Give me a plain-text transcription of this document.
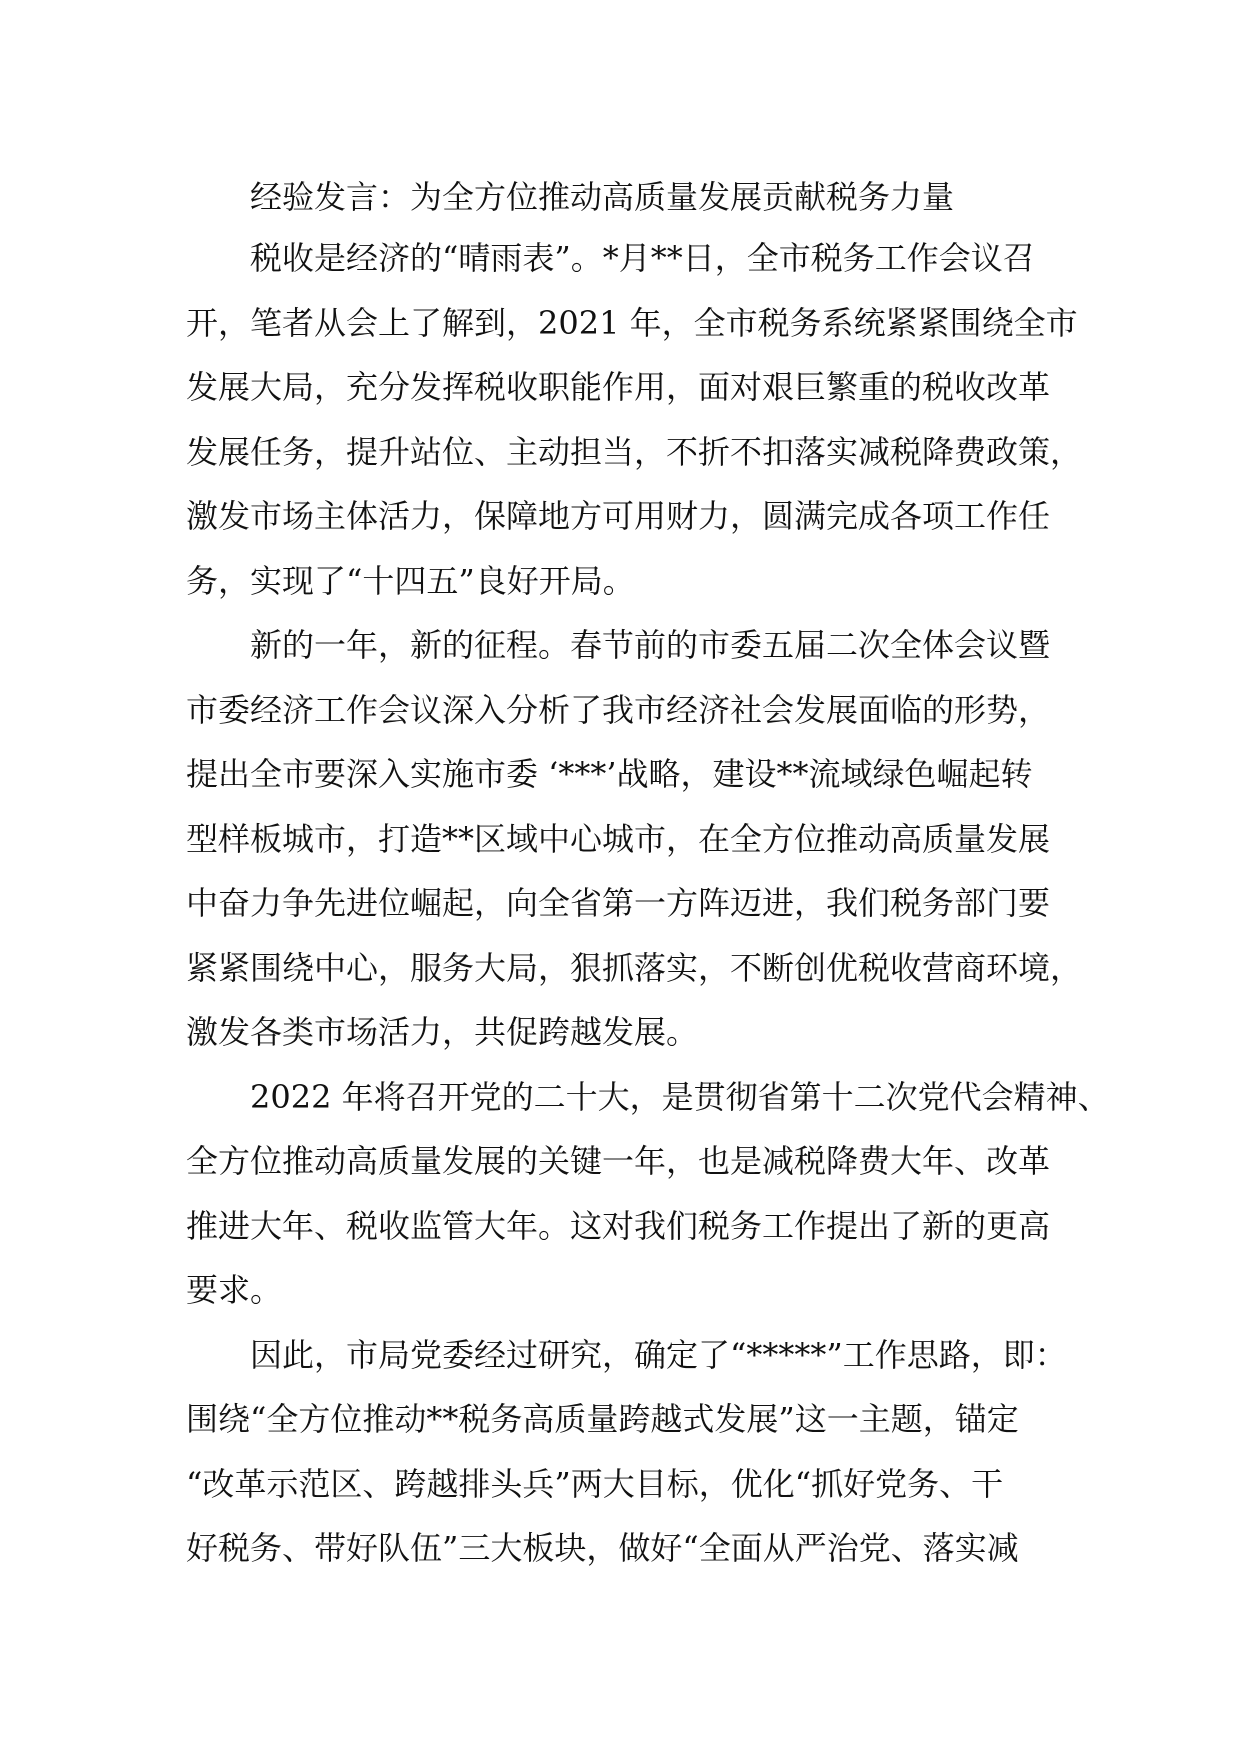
经验发言：为全方位推动高质量发展贡献税务力量
税收是经济的“晴雨表”。*月**日，全市税务工作会议召
开，笔者从会上了解到，2021 年，全市税务系统紧紧围绕全市
发展大局，充分发挥税收职能作用，面对艰巨繁重的税收改革
发展任务，提升站位、主动担当，不折不扣落实减税降费政策，
激发市场主体活力，保障地方可用财力，圆满完成各项工作任
务，实现了“十四五”良好开局。
新的一年，新的征程。春节前的市委五届二次全体会议暨
市委经济工作会议深入分析了我市经济社会发展面临的形势，
提出全市要深入实施市委 ‘***’战略，建设**流域绿色崛起转
型样板城市，打造**区域中心城市，在全方位推动高质量发展
中奋力争先进位崛起，向全省第一方阵迈进，我们税务部门要
紧紧围绕中心，服务大局，狠抓落实，不断创优税收营商环境，
激发各类市场活力，共促跨越发展。
2022 年将召开党的二十大，是贯彻省第十二次党代会精神、
全方位推动高质量发展的关键一年，也是减税降费大年、改革
推进大年、税收监管大年。这对我们税务工作提出了新的更高
要求。
因此，市局党委经过研究，确定了“*****”工作思路，即：
围绕“全方位推动**税务高质量跨越式发展”这一主题，锚定
“改革示范区、跨越排头兵”两大目标，优化“抓好党务、干
好税务、带好队伍”三大板块，做好“全面从严治党、落实减
